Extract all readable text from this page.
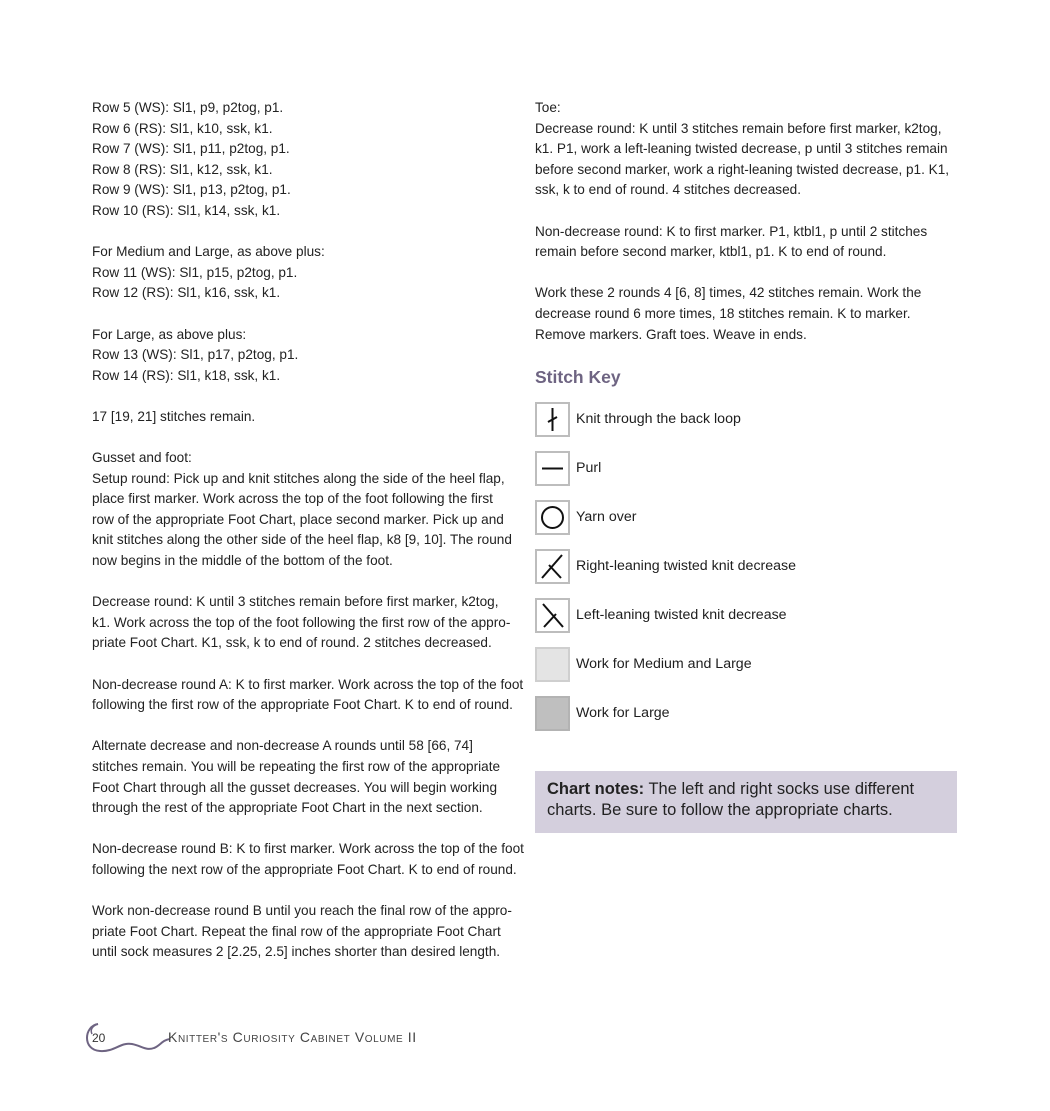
Row 5 (WS): Sl1, p9, p2tog, p1.
Row 6 (RS): Sl1, k10, ssk, k1.
Row 7 (WS): Sl1, p11, p2tog, p1.
Row 8 (RS): Sl1, k12, ssk, k1.
Row 9 (WS): Sl1, p13, p2tog, p1.
Row 10 (RS): Sl1, k14, ssk, k1.
For Medium and Large, as above plus:
Row 11 (WS): Sl1, p15, p2tog, p1.
Row 12 (RS): Sl1, k16, ssk, k1.
For Large, as above plus:
Row 13 (WS): Sl1, p17, p2tog, p1.
Row 14 (RS): Sl1, k18, ssk, k1.
17 [19, 21] stitches remain.
Gusset and foot:
Setup round: Pick up and knit stitches along the side of the heel flap,
place first marker. Work across the top of the foot following the first
row of the appropriate Foot Chart, place second marker. Pick up and
knit stitches along the other side of the heel flap, k8 [9, 10]. The round
now begins in the middle of the bottom of the foot.
Decrease round: K until 3 stitches remain before first marker, k2tog,
k1. Work across the top of the foot following the first row of the appro-
priate Foot Chart. K1, ssk, k to end of round. 2 stitches decreased.
Non-decrease round A: K to first marker. Work across the top of the foot
following the first row of the appropriate Foot Chart. K to end of round.
Alternate decrease and non-decrease A rounds until 58 [66, 74]
stitches remain. You will be repeating the first row of the appropriate
Foot Chart through all the gusset decreases. You will begin working
through the rest of the appropriate Foot Chart in the next section.
Non-decrease round B: K to first marker. Work across the top of the foot
following the next row of the appropriate Foot Chart. K to end of round.
Work non-decrease round B until you reach the final row of the appro-
priate Foot Chart. Repeat the final row of the appropriate Foot Chart
until sock measures 2 [2.25, 2.5] inches shorter than desired length.
Toe:
Decrease round: K until 3 stitches remain before first marker, k2tog,
k1. P1, work a left-leaning twisted decrease, p until 3 stitches remain
before second marker, work a right-leaning twisted decrease, p1. K1,
ssk, k to end of round. 4 stitches decreased.
Non-decrease round: K to first marker. P1, ktbl1, p until 2 stitches
remain before second marker, ktbl1, p1. K to end of round.
Work these 2 rounds 4 [6, 8] times, 42 stitches remain. Work the
decrease round 6 more times, 18 stitches remain. K to marker.
Remove markers. Graft toes. Weave in ends.
Stitch Key
Knit through the back loop
Purl
Yarn over
Right-leaning twisted knit decrease
Left-leaning twisted knit decrease
Work for Medium and Large
Work for Large
Chart notes: The left and right socks use different charts. Be sure to follow the appropriate charts.
20	Knitter's Curiosity Cabinet Volume II
